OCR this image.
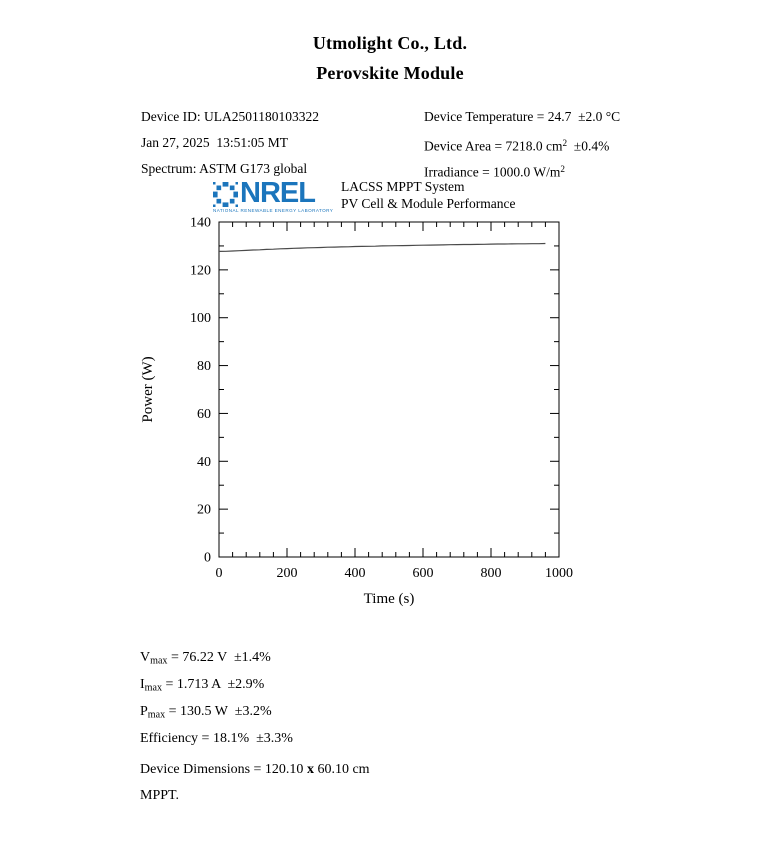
Utmolight Co., Ltd.
Perovskite Module
Device ID: ULA2501180103322
Jan 27, 2025  13:51:05 MT
Spectrum: ASTM G173 global
Device Temperature = 24.7  ±2.0 °C
Device Area = 7218.0 $cm^2 \pm 0.4\%$
Irradiance = 1000.0 $W/m^2$
NREL
NATIONAL RENEWABLE ENERGY LABORATORY
LACSS MPPT System
PV Cell & Module Performance
0	200	400	600	800	1000
0
20
40
60
80
100
120
140
Time (s)
Power (W)
$V_{max} = 76.22$ V  ±1.4%
$I_{max} = 1.713$ A  ±2.9%
$P_{max} = 130.5$ W  ±3.2%
Efficiency = 18.1%  ±3.3%
Device Dimensions = 120.10 x 60.10 cm
MPPT.
